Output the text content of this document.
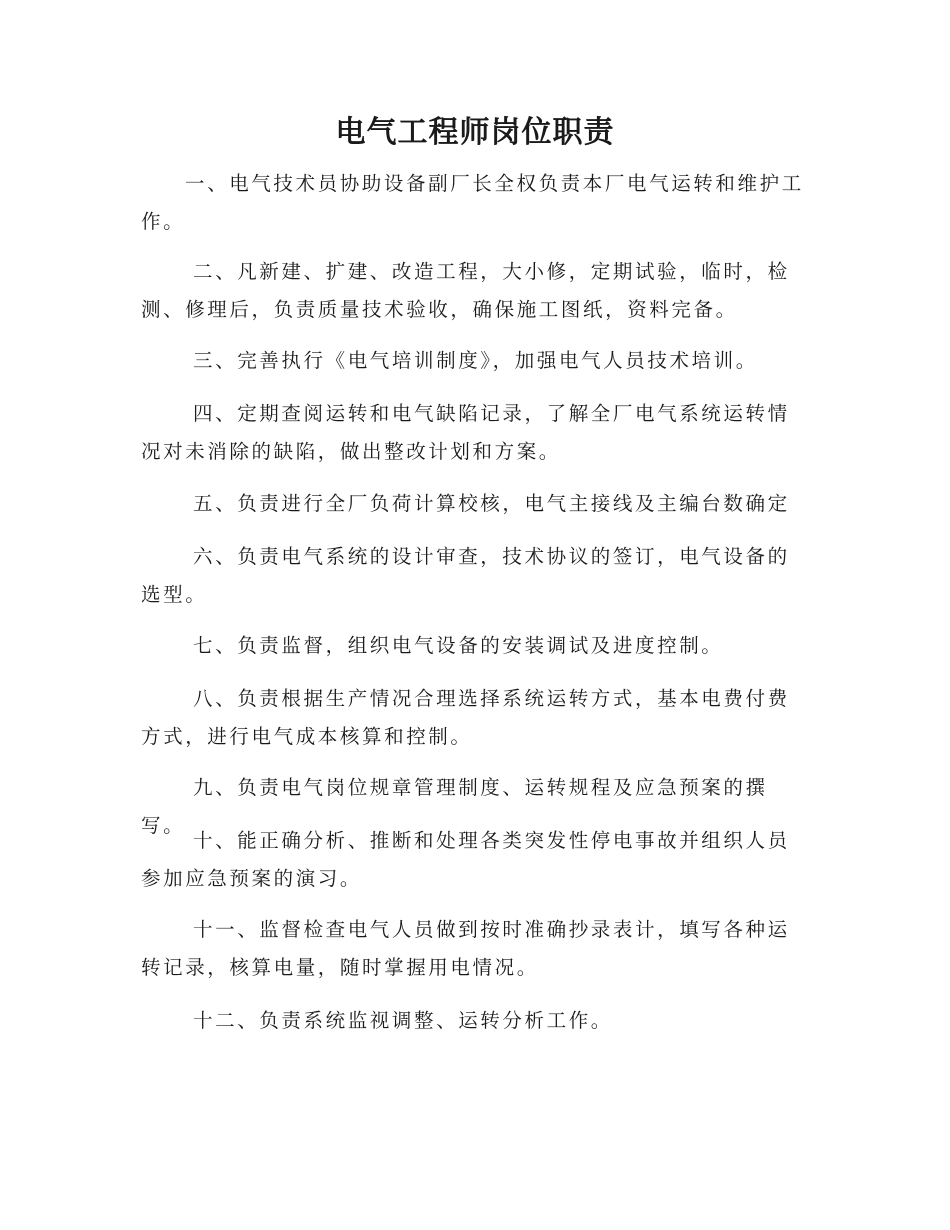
电气工程师岗位职责

一、电气技术员协助设备副厂长全权负责本厂电气运转和维护工作。

二、凡新建、扩建、改造工程，大小修，定期试验，临时，检测、修理后，负责质量技术验收，确保施工图纸，资料完备。

三、完善执行《电气培训制度》，加强电气人员技术培训。

四、定期查阅运转和电气缺陷记录，了解全厂电气系统运转情况对未消除的缺陷，做出整改计划和方案。

五、负责进行全厂负荷计算校核，电气主接线及主编台数确定

六、负责电气系统的设计审查，技术协议的签订，电气设备的选型。

七、负责监督，组织电气设备的安装调试及进度控制。

八、负责根据生产情况合理选择系统运转方式，基本电费付费方式，进行电气成本核算和控制。

九、负责电气岗位规章管理制度、运转规程及应急预案的撰写。

十、能正确分析、推断和处理各类突发性停电事故并组织人员参加应急预案的演习。

十一、监督检查电气人员做到按时准确抄录表计，填写各种运转记录，核算电量，随时掌握用电情况。

十二、负责系统监视调整、运转分析工作。
